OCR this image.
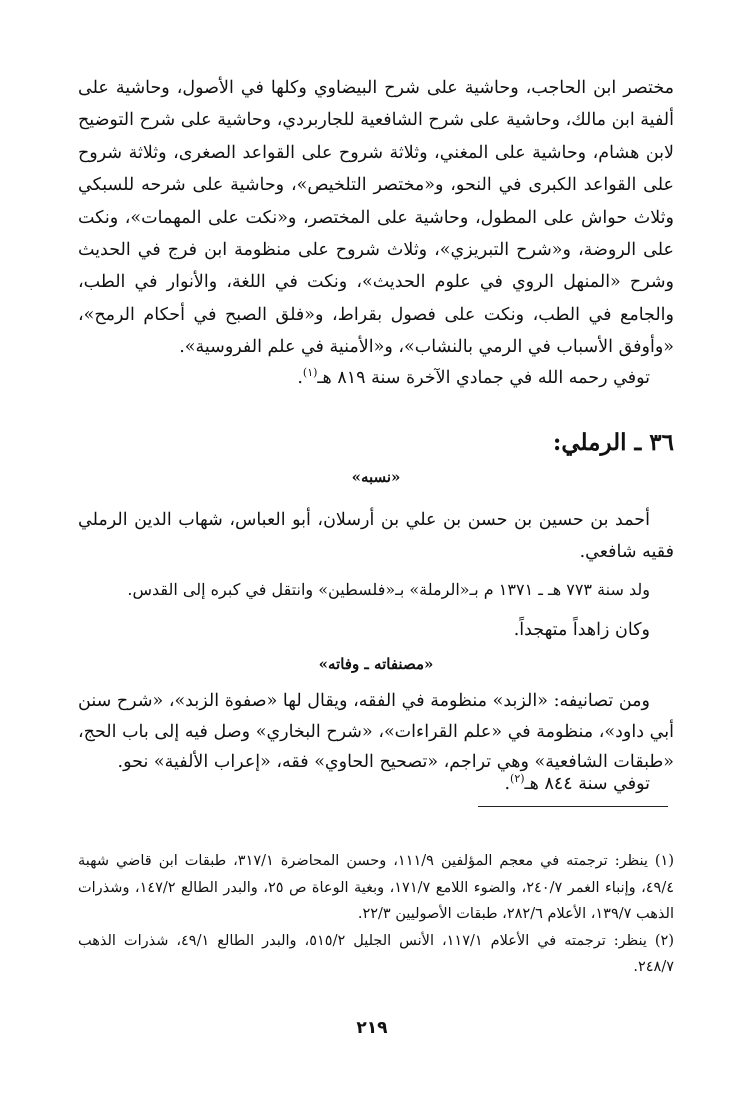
مختصر ابن الحاجب، وحاشية على شرح البيضاوي وكلها في الأصول، وحاشية على ألفية ابن مالك، وحاشية على شرح الشافعية للجاربردي، وحاشية على شرح التوضيح لابن هشام، وحاشية على المغني، وثلاثة شروح على القواعد الصغرى، وثلاثة شروح على القواعد الكبرى في النحو، و«مختصر التلخيص»، وحاشية على شرحه للسبكي وثلاث حواش على المطول، وحاشية على المختصر، و«نكت على المهمات»، ونكت على الروضة، و«شرح التبريزي»، وثلاث شروح على منظومة ابن فرج في الحديث وشرح «المنهل الروي في علوم الحديث»، ونكت في اللغة، والأنوار في الطب، والجامع في الطب، ونكت على فصول بقراط، و«فلق الصبح في أحكام الرمح»، «وأوفق الأسباب في الرمي بالنشاب»، و«الأمنية في علم الفروسية».

توفي رحمه الله في جمادي الآخرة سنة ٨١٩ هـ$^{(١)}$.

٣٦ ـ الرملي:

«نسبه»

أحمد بن حسين بن حسن بن علي بن أرسلان، أبو العباس، شهاب الدين الرملي فقيه شافعي.

ولد سنة ٧٧٣ هـ ـ ١٣٧١ م بـ«الرملة» بـ«فلسطين» وانتقل في كبره إلى القدس.

وكان زاهداً متهجداً.

«مصنفاته ـ وفاته»

ومن تصانيفه: «الزبد» منظومة في الفقه، ويقال لها «صفوة الزبد»، «شرح سنن أبي داود»، منظومة في «علم القراءات»، «شرح البخاري» وصل فيه إلى باب الحج، «طبقات الشافعية» وهي تراجم، «تصحيح الحاوي» فقه، «إعراب الألفية» نحو.

توفي سنة ٨٤٤ هـ$^{(٢)}$.

(١) ينظر: ترجمته في معجم المؤلفين ١١١/٩، وحسن المحاضرة ٣١٧/١، طبقات ابن قاضي شهبة ٤٩/٤، وإنباء الغمر ٢٤٠/٧، والضوء اللامع ١٧١/٧، وبغية الوعاة ص ٢٥، والبدر الطالع ١٤٧/٢، وشذرات الذهب ١٣٩/٧، الأعلام ٢٨٢/٦، طبقات الأصوليين ٢٢/٣.

(٢) ينظر: ترجمته في الأعلام ١١٧/١، الأنس الجليل ٥١٥/٢، والبدر الطالع ٤٩/١، شذرات الذهب ٢٤٨/٧.

٢١٩
